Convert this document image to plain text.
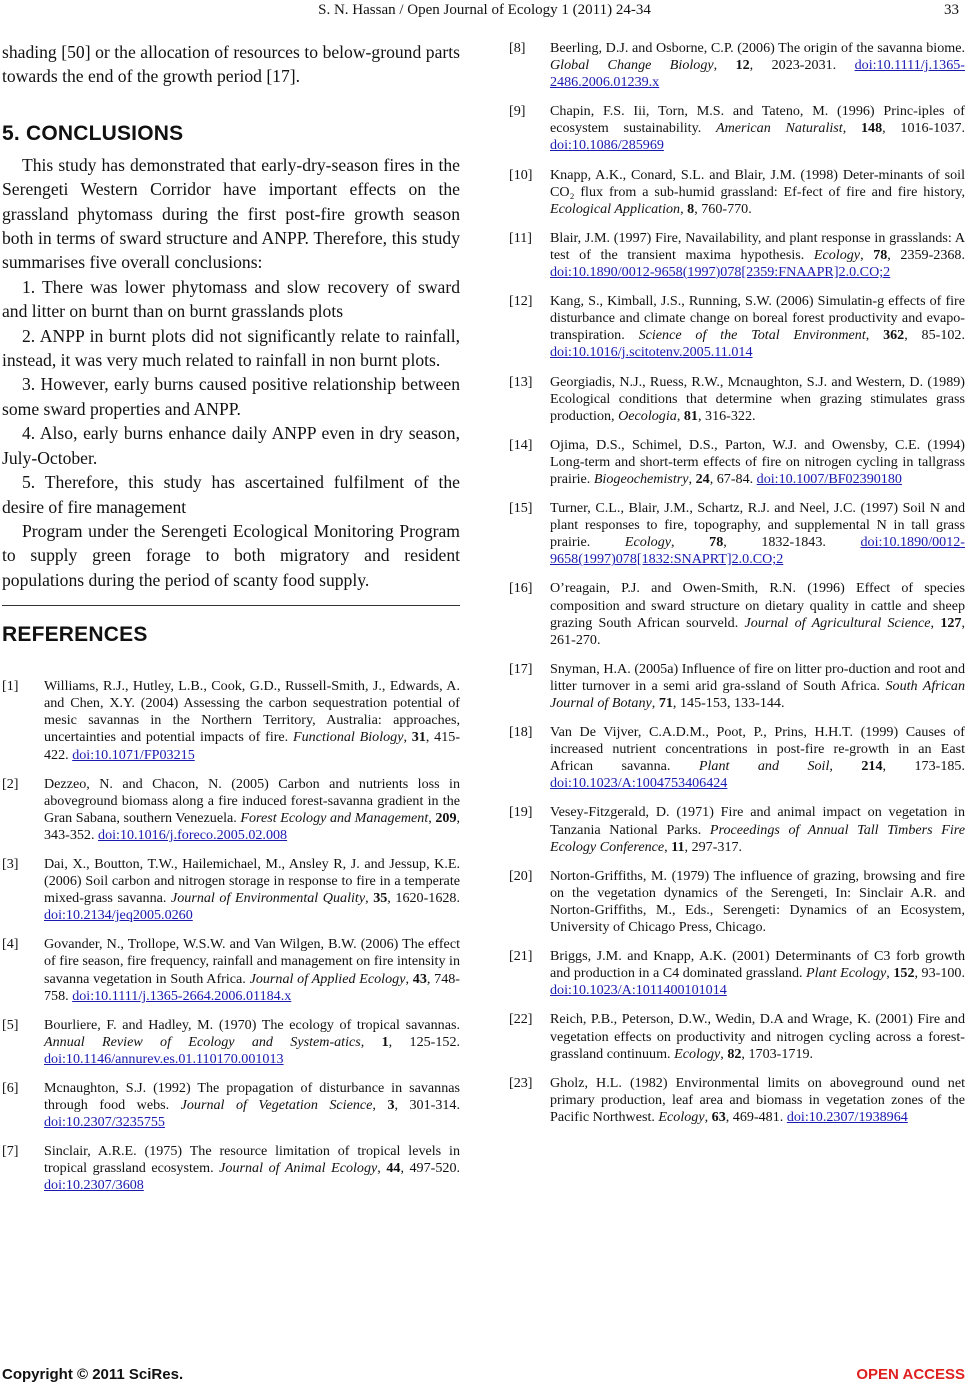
S. N. Hassan / Open Journal of Ecology 1 (2011) 24-34	33

shading [50] or the allocation of resources to below-ground parts towards the end of the growth period [17].

5. CONCLUSIONS

This study has demonstrated that early-dry-season fires in the Serengeti Western Corridor have important effects on the grassland phytomass during the first post-fire growth season both in terms of sward structure and ANPP. Therefore, this study summarises five overall conclusions:

1. There was lower phytomass and slow recovery of sward and litter on burnt than on burnt grasslands plots

2. ANPP in burnt plots did not significantly relate to rainfall, instead, it was very much related to rainfall in non burnt plots.

3. However, early burns caused positive relationship between some sward properties and ANPP.

4. Also, early burns enhance daily ANPP even in dry season, July-October.

5. Therefore, this study has ascertained fulfilment of the desire of fire management

Program under the Serengeti Ecological Monitoring Program to supply green forage to both migratory and resident populations during the period of scanty food supply.

REFERENCES
[1]	Williams, R.J., Hutley, L.B., Cook, G.D., Russell-Smith, J., Edwards, A. and Chen, X.Y. (2004) Assessing the carbon sequestration potential of mesic savannas in the Northern Territory, Australia: approaches, uncertainties and potential impacts of fire. Functional Biology, 31, 415-422. doi:10.1071/FP03215
[2]	Dezzeo, N. and Chacon, N. (2005) Carbon and nutrients loss in aboveground biomass along a fire induced forest-savanna gradient in the Gran Sabana, southern Venezuela. Forest Ecology and Management, 209, 343-352. doi:10.1016/j.foreco.2005.02.008
[3]	Dai, X., Boutton, T.W., Hailemichael, M., Ansley R, J. and Jessup, K.E. (2006) Soil carbon and nitrogen storage in response to fire in a temperate mixed-grass savanna. Journal of Environmental Quality, 35, 1620-1628. doi:10.2134/jeq2005.0260
[4]	Govander, N., Trollope, W.S.W. and Van Wilgen, B.W. (2006) The effect of fire season, fire frequency, rainfall and management on fire intensity in savanna vegetation in South Africa. Journal of Applied Ecology, 43, 748-758. doi:10.1111/j.1365-2664.2006.01184.x
[5]	Bourliere, F. and Hadley, M. (1970) The ecology of tropical savannas. Annual Review of Ecology and System-atics, 1, 125-152. doi:10.1146/annurev.es.01.110170.001013
[6]	Mcnaughton, S.J. (1992) The propagation of disturbance in savannas through food webs. Journal of Vegetation Science, 3, 301-314. doi:10.2307/3235755
[7]	Sinclair, A.R.E. (1975) The resource limitation of tropical levels in tropical grassland ecosystem. Journal of Animal Ecology, 44, 497-520. doi:10.2307/3608
[8]	Beerling, D.J. and Osborne, C.P. (2006) The origin of the savanna biome. Global Change Biology, 12, 2023-2031. doi:10.1111/j.1365-2486.2006.01239.x
[9]	Chapin, F.S. Iii, Torn, M.S. and Tateno, M. (1996) Princ-iples of ecosystem sustainability. American Naturalist, 148, 1016-1037. doi:10.1086/285969
[10]	Knapp, A.K., Conard, S.L. and Blair, J.M. (1998) Deter-minants of soil CO₂ flux from a sub-humid grassland: Ef-fect of fire and fire history, Ecological Application, 8, 760-770.
[11]	Blair, J.M. (1997) Fire, Navailability, and plant response in grasslands: A test of the transient maxima hypothesis. Ecology, 78, 2359-2368. doi:10.1890/0012-9658(1997)078[2359:FNAAPR]2.0.CO;2
[12]	Kang, S., Kimball, J.S., Running, S.W. (2006) Simulatin-g effects of fire disturbance and climate change on boreal forest productivity and evapo-transpiration. Science of the Total Environment, 362, 85-102. doi:10.1016/j.scitotenv.2005.11.014
[13]	Georgiadis, N.J., Ruess, R.W., Mcnaughton, S.J. and Western, D. (1989) Ecological conditions that determine when grazing stimulates grass production, Oecologia, 81, 316-322.
[14]	Ojima, D.S., Schimel, D.S., Parton, W.J. and Owensby, C.E. (1994) Long-term and short-term effects of fire on nitrogen cycling in tallgrass prairie. Biogeochemistry, 24, 67-84. doi:10.1007/BF02390180
[15]	Turner, C.L., Blair, J.M., Schartz, R.J. and Neel, J.C. (1997) Soil N and plant responses to fire, topography, and supplemental N in tall grass prairie. Ecology, 78, 1832-1843. doi:10.1890/0012-9658(1997)078[1832:SNAPRT]2.0.CO;2
[16]	O’reagain, P.J. and Owen-Smith, R.N. (1996) Effect of species composition and sward structure on dietary quality in cattle and sheep grazing South African sourveld. Journal of Agricultural Science, 127, 261-270.
[17]	Snyman, H.A. (2005a) Influence of fire on litter pro-duction and root and litter turnover in a semi arid gra-ssland of South Africa. South African Journal of Botany, 71, 145-153, 133-144.
[18]	Van De Vijver, C.A.D.M., Poot, P., Prins, H.H.T. (1999) Causes of increased nutrient concentrations in post-fire re-growth in an East African savanna. Plant and Soil, 214, 173-185. doi:10.1023/A:1004753406424
[19]	Vesey-Fitzgerald, D. (1971) Fire and animal impact on vegetation in Tanzania National Parks. Proceedings of Annual Tall Timbers Fire Ecology Conference, 11, 297-317.
[20]	Norton-Griffiths, M. (1979) The influence of grazing, browsing and fire on the vegetation dynamics of the Serengeti, In: Sinclair A.R. and Norton-Griffiths, M., Eds., Serengeti: Dynamics of an Ecosystem, University of Chicago Press, Chicago.
[21]	Briggs, J.M. and Knapp, A.K. (2001) Determinants of C3 forb growth and production in a C4 dominated grassland. Plant Ecology, 152, 93-100. doi:10.1023/A:1011400101014
[22]	Reich, P.B., Peterson, D.W., Wedin, D.A and Wrage, K. (2001) Fire and vegetation effects on productivity and nitrogen cycling across a forest-grassland continuum. Ecology, 82, 1703-1719.
[23]	Gholz, H.L. (1982) Environmental limits on aboveground ound net primary production, leaf area and biomass in vegetation zones of the Pacific Northwest. Ecology, 63, 469-481. doi:10.2307/1938964
Copyright © 2011 SciRes.	OPEN ACCESS
